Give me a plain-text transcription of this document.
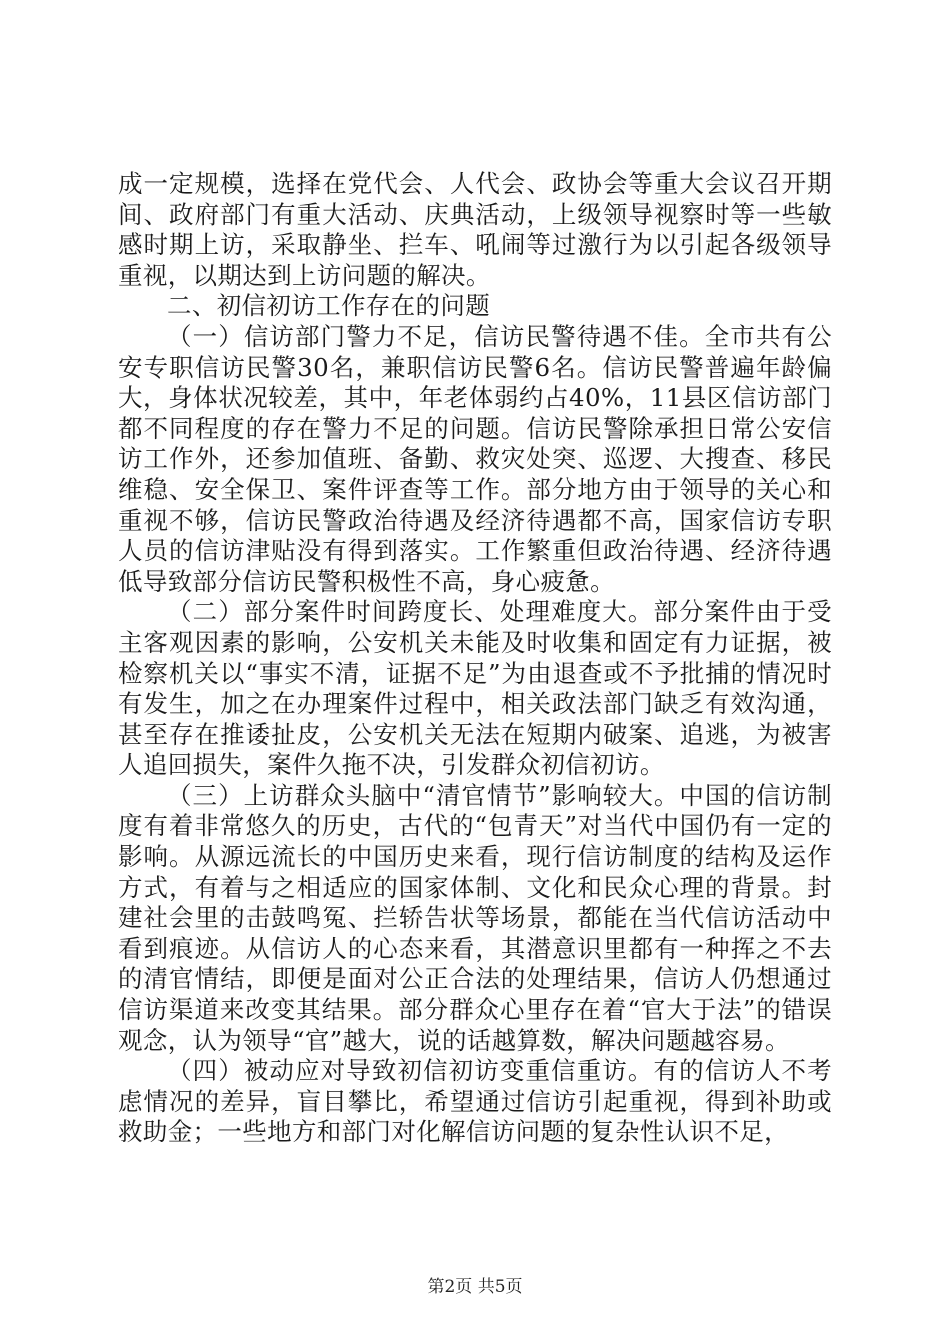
成一定规模，选择在党代会、人代会、政协会等重大会议召开期间、政府部门有重大活动、庆典活动，上级领导视察时等一些敏感时期上访，采取静坐、拦车、吼闹等过激行为以引起各级领导重视，以期达到上访问题的解决。

二、初信初访工作存在的问题

（一）信访部门警力不足，信访民警待遇不佳。全市共有公安专职信访民警30名，兼职信访民警6名。信访民警普遍年龄偏大，身体状况较差，其中，年老体弱约占40%，11县区信访部门都不同程度的存在警力不足的问题。信访民警除承担日常公安信访工作外，还参加值班、备勤、救灾处突、巡逻、大搜查、移民维稳、安全保卫、案件评查等工作。部分地方由于领导的关心和重视不够，信访民警政治待遇及经济待遇都不高，国家信访专职人员的信访津贴没有得到落实。工作繁重但政治待遇、经济待遇低导致部分信访民警积极性不高，身心疲惫。

（二）部分案件时间跨度长、处理难度大。部分案件由于受主客观因素的影响，公安机关未能及时收集和固定有力证据，被检察机关以“事实不清，证据不足”为由退查或不予批捕的情况时有发生，加之在办理案件过程中，相关政法部门缺乏有效沟通，甚至存在推诿扯皮，公安机关无法在短期内破案、追逃，为被害人追回损失，案件久拖不决，引发群众初信初访。

（三）上访群众头脑中“清官情节”影响较大。中国的信访制度有着非常悠久的历史，古代的“包青天”对当代中国仍有一定的影响。从源远流长的中国历史来看，现行信访制度的结构及运作方式，有着与之相适应的国家体制、文化和民众心理的背景。封建社会里的击鼓鸣冤、拦轿告状等场景，都能在当代信访活动中看到痕迹。从信访人的心态来看，其潜意识里都有一种挥之不去的清官情结，即便是面对公正合法的处理结果，信访人仍想通过信访渠道来改变其结果。部分群众心里存在着“官大于法”的错误观念，认为领导“官”越大，说的话越算数，解决问题越容易。

（四）被动应对导致初信初访变重信重访。有的信访人不考虑情况的差异，盲目攀比，希望通过信访引起重视，得到补助或救助金；一些地方和部门对化解信访问题的复杂性认识不足，

第2页 共5页
